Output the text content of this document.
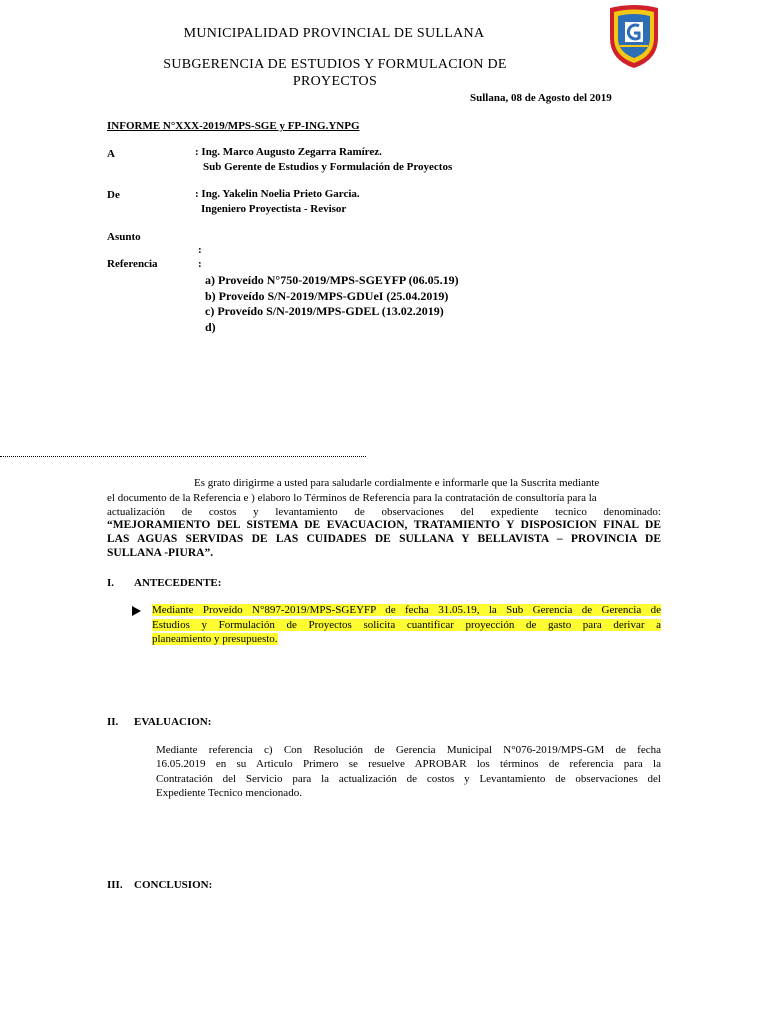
MUNICIPALIDAD PROVINCIAL DE SULLANA
SUBGERENCIA DE ESTUDIOS Y FORMULACION DE
PROYECTOS
Sullana, 08 de Agosto del 2019
INFORME N°XXX-2019/MPS-SGE y FP-ING.YNPG
A	: Ing. Marco Augusto Zegarra Ramírez.
Sub Gerente de Estudios y Formulación de Proyectos
De	: Ing. Yakelin Noelia Prieto Garcia.
Ingeniero Proyectista - Revisor
Asunto
:
Referencia	:
a) Proveído N°750-2019/MPS-SGEYFP (06.05.19)
b) Proveído S/N-2019/MPS-GDUeI (25.04.2019)
c) Proveído S/N-2019/MPS-GDEL (13.02.2019)
d)
Es grato dirigirme a usted para saludarle cordialmente e informarle que la Suscrita mediante
el documento de la Referencia e ) elaboro lo Términos de Referencia para la contratación de consultoría para la
actualización de costos y levantamiento de observaciones del expediente tecnico denominado:
“MEJORAMIENTO DEL SISTEMA DE EVACUACION, TRATAMIENTO Y DISPOSICION FINAL DE
LAS AGUAS SERVIDAS DE LAS CUIDADES DE SULLANA Y BELLAVISTA – PROVINCIA DE
SULLANA -PIURA”.
I. ANTECEDENTE:
Mediante Proveído N°897-2019/MPS-SGEYFP de fecha 31.05.19, la Sub Gerencia de Gerencia de
Estudios y Formulación de Proyectos solicita cuantificar proyección de gasto para derivar a
planeamiento y presupuesto.
II. EVALUACION:
Mediante referencia c) Con Resolución de Gerencia Municipal N°076-2019/MPS-GM de fecha
16.05.2019 en su Articulo Primero se resuelve APROBAR los términos de referencia para la
Contratación del Servicio para la actualización de costos y Levantamiento de observaciones del
Expediente Tecnico mencionado.
III. CONCLUSION:
